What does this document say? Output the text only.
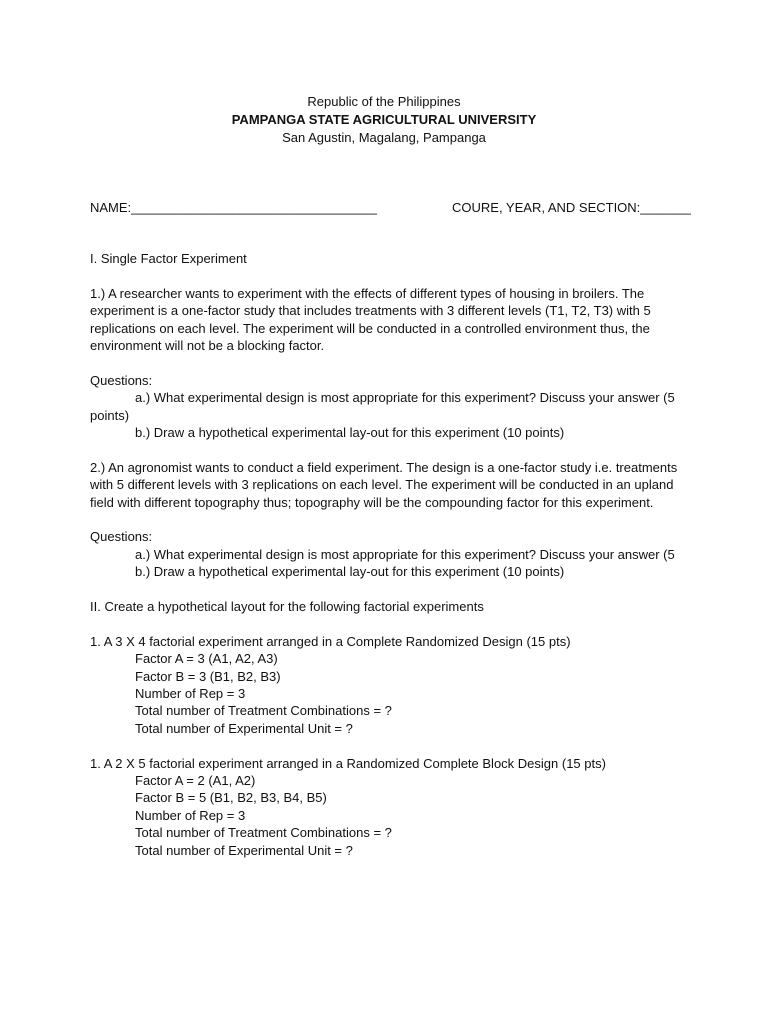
Republic of the Philippines
PAMPANGA STATE AGRICULTURAL UNIVERSITY
San Agustin, Magalang, Pampanga
NAME:__________________________________	COURE, YEAR, AND SECTION:_______
I. Single Factor Experiment
1.) A researcher wants to experiment with the effects of different types of housing in broilers. The
experiment is a one-factor study that includes treatments with 3 different levels (T1, T2, T3) with 5
replications on each level. The experiment will be conducted in a controlled environment thus, the
environment will not be a blocking factor.
Questions:
a.) What experimental design is most appropriate for this experiment? Discuss your answer (5
points)
b.) Draw a hypothetical experimental lay-out for this experiment (10 points)
2.) An agronomist wants to conduct a field experiment. The design is a one-factor study i.e. treatments
with 5 different levels with 3 replications on each level. The experiment will be conducted in an upland
field with different topography thus; topography will be the compounding factor for this experiment.
Questions:
a.) What experimental design is most appropriate for this experiment? Discuss your answer (5
b.) Draw a hypothetical experimental lay-out for this experiment (10 points)
II. Create a hypothetical layout for the following factorial experiments
1. A 3 X 4 factorial experiment arranged in a Complete Randomized Design (15 pts)
Factor A = 3 (A1, A2, A3)
Factor B = 3 (B1, B2, B3)
Number of Rep = 3
Total number of Treatment Combinations = ?
Total number of Experimental Unit = ?
1. A 2 X 5 factorial experiment arranged in a Randomized Complete Block Design (15 pts)
Factor A = 2 (A1, A2)
Factor B = 5 (B1, B2, B3, B4, B5)
Number of Rep = 3
Total number of Treatment Combinations = ?
Total number of Experimental Unit = ?
